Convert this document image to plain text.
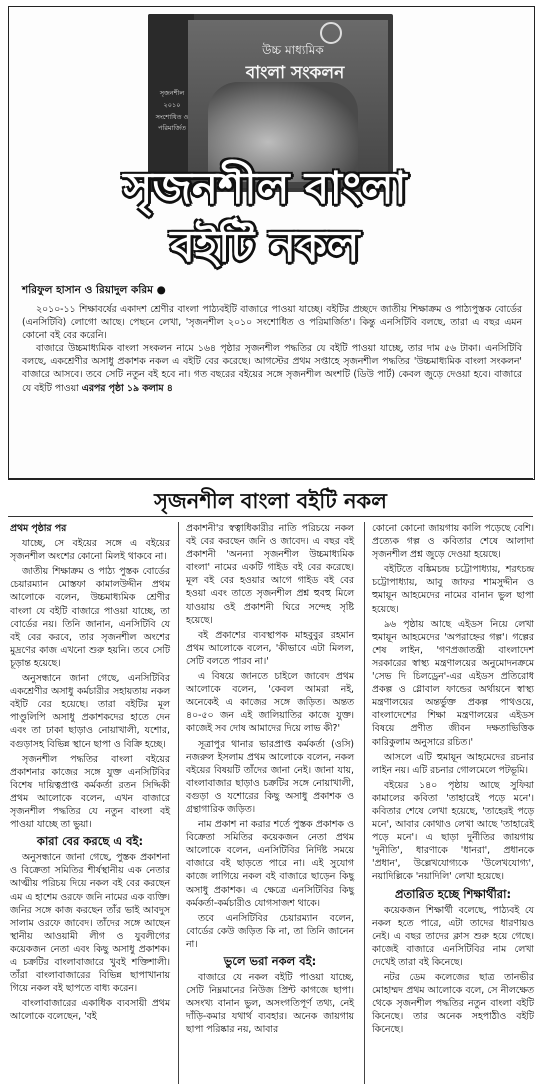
উচ্চ মাধ্যমিক
বাংলা সংকলন
সৃজনশীল
২০১০
সংশোধিত ও পরিমার্জিত
সৃজনশীল বাংলা
বইটি নকল
শরিফুল হাসান ও রিয়াদুল করিম ●

২০১০-১১ শিক্ষাবর্ষের একাদশ শ্রেণীর বাংলা পাঠ্যবইটি বাজারে পাওয়া যাচ্ছে। বইটির প্রচ্ছদে জাতীয় শিক্ষাক্রম ও পাঠ্যপুস্তক বোর্ডের (এনসিটিবি) লোগো আছে। পেছনে লেখা, 'সৃজনশীল ২০১০ সংশোধিত ও পরিমার্জিত'। কিন্তু এনসিটিবি বলছে, তারা এ বছর এমন কোনো বই বের করেনি।

বাজারে উচ্চমাধ্যমিক বাংলা সংকলন নামে ১৬৪ পৃষ্ঠার সৃজনশীল পদ্ধতির যে বইটি পাওয়া যাচ্ছে, তার দাম ৫৬ টাকা। এনসিটিবি বলছে, একশ্রেণীর অসাধু প্রকাশক নকল এ বইটি বের করেছে। আগস্টের প্রথম সপ্তাহে সৃজনশীল পদ্ধতির 'উচ্চমাধ্যমিক বাংলা সংকলন' বাজারে আসবে। তবে সেটি নতুন বই হবে না। গত বছরের বইয়ের সঙ্গে সৃজনশীল অংশটি (ডিউ পার্ট) কেবল জুড়ে দেওয়া হবে। বাজারে যে বইটি পাওয়া এরপর পৃষ্ঠা ১৯ কলাম ৪

সৃজনশীল বাংলা বইটি নকল

প্রথম পৃষ্ঠার পর

যাচ্ছে, সে বইয়ের সঙ্গে এ বইয়ের সৃজনশীল অংশের কোনো মিলই থাকবে না।

জাতীয় শিক্ষাক্রম ও পাঠ্য পুস্তক বোর্ডের চেয়ারম্যান মোস্তফা কামালউদ্দীন প্রথম আলোকে বলেন, উচ্চমাধ্যমিক শ্রেণীর বাংলা যে বইটি বাজারে পাওয়া যাচ্ছে, তা বোর্ডের নয়। তিনি জানান, এনসিটিবি যে বই বের করবে, তার সৃজনশীল অংশের মুদ্রণের কাজ এখনো শুরু হয়নি। তবে সেটি চূড়ান্ত হয়েছে।

অনুসন্ধানে জানা গেছে, এনসিটিবির একশ্রেণীর অসাধু কর্মচারীর সহায়তায় নকল বইটি বের হয়েছে। তারা বইটির মূল পাণ্ডুলিপি অসাধু প্রকাশকদের হাতে দেন এবং তা ঢাকা ছাড়াও নোয়াখালী, যশোর, বগুড়াসহ বিভিন্ন স্থানে ছাপা ও বিক্রি হচ্ছে।

সৃজনশীল পদ্ধতির বাংলা বইয়ের প্রকাশনার কাজের সঙ্গে যুক্ত এনসিটিবির বিশেষ দায়িত্বপ্রাপ্ত কর্মকর্তা রতন সিদ্দিকী প্রথম আলোকে বলেন, এখন বাজারে সৃজনশীল পদ্ধতির যে নতুন বাংলা বই পাওয়া যাচ্ছে তা ভুয়া।

কারা বের করছে এ বই:

অনুসন্ধানে জানা গেছে, পুস্তক প্রকাশনা ও বিক্রেতা সমিতির শীর্ষস্থানীয় এক নেতার আত্মীয় পরিচয় দিয়ে নকল বই বের করছেন এম এ হাশেম ওরফে জনি নামের এক ব্যক্তি। জনির সঙ্গে কাজ করছেন তাঁর ভাই আবদুস সালাম ওরফে জাবেদ। তাঁদের সঙ্গে আছেন স্থানীয় আওয়ামী লীগ ও যুবলীগের কয়েকজন নেতা এবং কিছু অসাধু প্রকাশক। এ চক্রটির বাংলাবাজারে খুবই শক্তিশালী। তাঁরা বাংলাবাজারের বিভিন্ন ছাপাখানায় গিয়ে নকল বই ছাপতে বাধ্য করেন।

বাংলাবাজারের একাধিক ব্যবসায়ী প্রথম আলোকে বলেছেন, 'বই

প্রকাশনী'র স্বত্বাধিকারীর নাতি পরিচয়ে নকল বই বের করছেন জনি ও জাবেদ। এ বছর বই প্রকাশনী 'অনন্যা সৃজনশীল উচ্চমাধ্যমিক বাংলা' নামের একটি গাইড বই বের করেছে। মূল বই বের হওয়ার আগে গাইড বই বের হওয়া এবং তাতে সৃজনশীল প্রশ্ন হুবহু মিলে যাওয়ায় ওই প্রকাশনী ঘিরে সন্দেহ সৃষ্টি হয়েছে।

বই প্রকাশের ব্যবস্থাপক মাহবুবুর রহমান প্রথম আলোকে বলেন, 'কীভাবে এটা মিলল, সেটি বলতে পারব না।'

এ বিষয়ে জানতে চাইলে জাবেদ প্রথম আলোকে বলেন, 'কেবল আমরা নই, অনেকেই এ কাজের সঙ্গে জড়িত। অন্তত ৪০-৫০ জন এই জালিয়াতির কাজে যুক্ত। কাজেই সব দোষ আমাদের দিয়ে লাভ কী?'

সূত্রাপুর থানার ভারপ্রাপ্ত কর্মকর্তা (ওসি) নজরুল ইসলাম প্রথম আলোকে বলেন, নকল বইয়ের বিষয়টি তাঁদের জানা নেই। জানা যায়, বাংলাবাজার ছাড়াও চক্রটির সঙ্গে নোয়াখালী, বগুড়া ও যশোরের কিছু অসাধু প্রকাশক ও গ্রন্থাগারিক জড়িত।

নাম প্রকাশ না করার শর্তে পুস্তক প্রকাশক ও বিক্রেতা সমিতির কয়েকজন নেতা প্রথম আলোকে বলেন, এনসিটিবির নির্দিষ্ট সময়ে বাজারে বই ছাড়তে পারে না। এই সুযোগ কাজে লাগিয়ে নকল বই বাজারে ছাড়েন কিছু অসাধু প্রকাশক। এ ক্ষেত্রে এনসিটিবির কিছু কর্মকর্তা-কর্মচারীও যোগসাজশ থাকে।

তবে এনসিটিবির চেয়ারম্যান বলেন, বোর্ডের কেউ জড়িত কি না, তা তিনি জানেন না।

ভুলে ভরা নকল বই:

বাজারে যে নকল বইটি পাওয়া যাচ্ছে, সেটি নিম্নমানের নিউজ প্রিন্ট কাগজে ছাপা। অসংখ্য বানান ভুল, অসংগতিপূর্ণ তথ্য, নেই দাঁড়ি-কমার যথার্থ ব্যবহার। অনেক জায়গায় ছাপা পরিষ্কার নয়, আবার

কোনো কোনো জায়গায় কালি পড়েছে বেশি। প্রত্যেক গল্প ও কবিতার শেষে আলাদা সৃজনশীল প্রশ্ন জুড়ে দেওয়া হয়েছে।

বইটিতে বঙ্কিমচন্দ্র চট্টোপাধ্যায়, শরৎচন্দ্র চট্টোপাধ্যায়, আবু জাফর শামসুদ্দীন ও হুমায়ূন আহমেদের নামের বানান ভুল ছাপা হয়েছে।

৯৬ পৃষ্ঠায় আছে এইডস নিয়ে লেখা হুমায়ূন আহমেদের 'অপরাহ্নের গল্প'। গল্পের শেষ লাইন, 'গণপ্রজাতন্ত্রী বাংলাদেশ সরকারের স্বাস্থ্য মন্ত্রণালয়ের অনুমোদনক্রমে 'সেভ দি চিলড্রেন'-এর এইডস প্রতিরোধ প্রকল্প ও গ্লোবাল ফান্ডের অর্থায়নে স্বাস্থ্য মন্ত্রণালয়ের অন্তর্ভুক্ত প্রকল্প পাথওয়ে, বাংলাদেশের শিক্ষা মন্ত্রণালয়ের এইডস বিষয়ে প্রণীত জীবন দক্ষতাভিত্তিক কারিকুলাম অনুসারে রচিত।'

আসলে এটি হুমায়ূন আহমেদের রচনার লাইন নয়। এটি রচনার গোলমেলে পটভূমি।

বইয়ের ১৪০ পৃষ্ঠায় আছে সুফিয়া কামালের কবিতা 'তাহারেই পড়ে মনে'। কবিতার শেষে লেখা হয়েছে, 'তাহেরই পড়ে মনে', আবার কোথাও লেখা আছে 'তাহারেই পড়ে মনে'। এ ছাড়া দুর্নীতির জায়গায় 'দুনীতি', ধারণাকে 'ধানরা', প্রধানকে 'প্রধান', উল্লেখযোগ্যকে 'উলেখযোগ্য', নয়াদিল্লিকে 'নয়াদিলি' লেখা হয়েছে।

প্রতারিত হচ্ছে শিক্ষার্থীরা:

কয়েকজন শিক্ষার্থী বলেছে, পাঠ্যবই যে নকল হতে পারে, এটা তাদের ধারণায়ও নেই। এ বছর তাদের ক্লাস শুরু হয়ে গেছে। কাজেই বাজারে এনসিটিবির নাম লেখা দেখেই তারা বই কিনেছে।

নটর ডেম কলেজের ছাত্র তানভীর মোহাম্মদ প্রথম আলোকে বলে, সে নীলক্ষেত থেকে সৃজনশীল পদ্ধতির নতুন বাংলা বইটি কিনেছে। তার অনেক সহপাঠীও বইটি কিনেছে।
